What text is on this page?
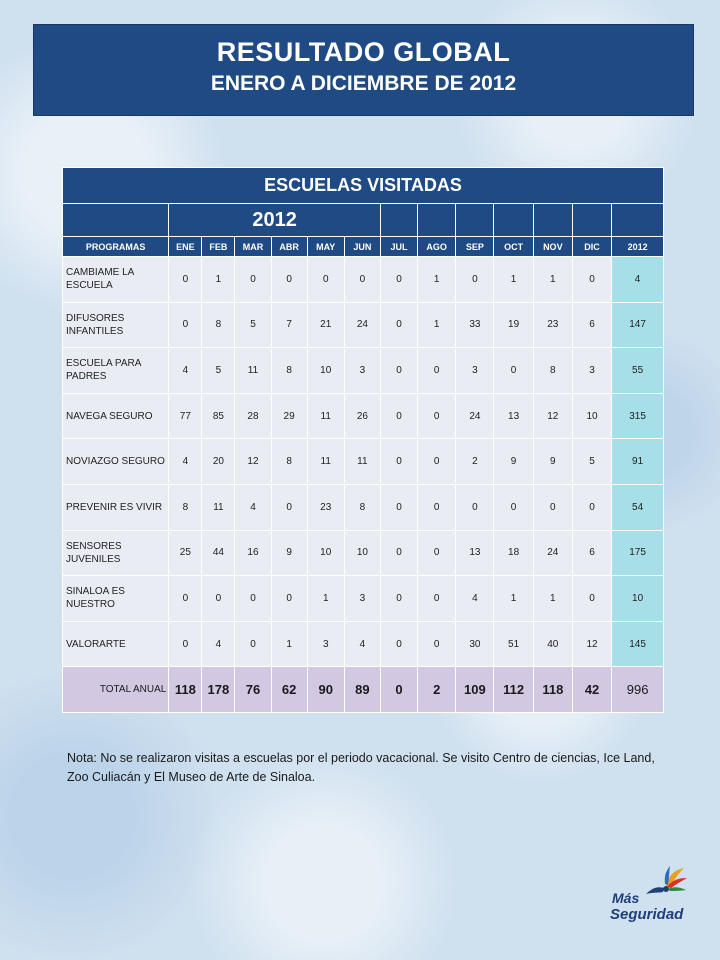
RESULTADO GLOBAL
ENERO A DICIEMBRE DE 2012
ESCUELAS VISITADAS													
	2012												
PROGRAMAS	ENE	FEB	MAR	ABR	MAY	JUN	JUL	AGO	SEP	OCT	NOV	DIC	2012
CAMBIAME LA ESCUELA	0	1	0	0	0	0	0	1	0	1	1	0	4
DIFUSORES INFANTILES	0	8	5	7	21	24	0	1	33	19	23	6	147
ESCUELA PARA PADRES	4	5	11	8	10	3	0	0	3	0	8	3	55
NAVEGA SEGURO	77	85	28	29	11	26	0	0	24	13	12	10	315
NOVIAZGO SEGURO	4	20	12	8	11	11	0	0	2	9	9	5	91
PREVENIR ES VIVIR	8	11	4	0	23	8	0	0	0	0	0	0	54
SENSORES JUVENILES	25	44	16	9	10	10	0	0	13	18	24	6	175
SINALOA ES NUESTRO	0	0	0	0	1	3	0	0	4	1	1	0	10
VALORARTE	0	4	0	1	3	4	0	0	30	51	40	12	145
TOTAL ANUAL	118	178	76	62	90	89	0	2	109	112	118	42	996
Nota: No se realizaron visitas a escuelas por el periodo vacacional. Se visito Centro de ciencias, Ice Land, Zoo Culiacán y El Museo de Arte de Sinaloa.
Más
Seguridad
